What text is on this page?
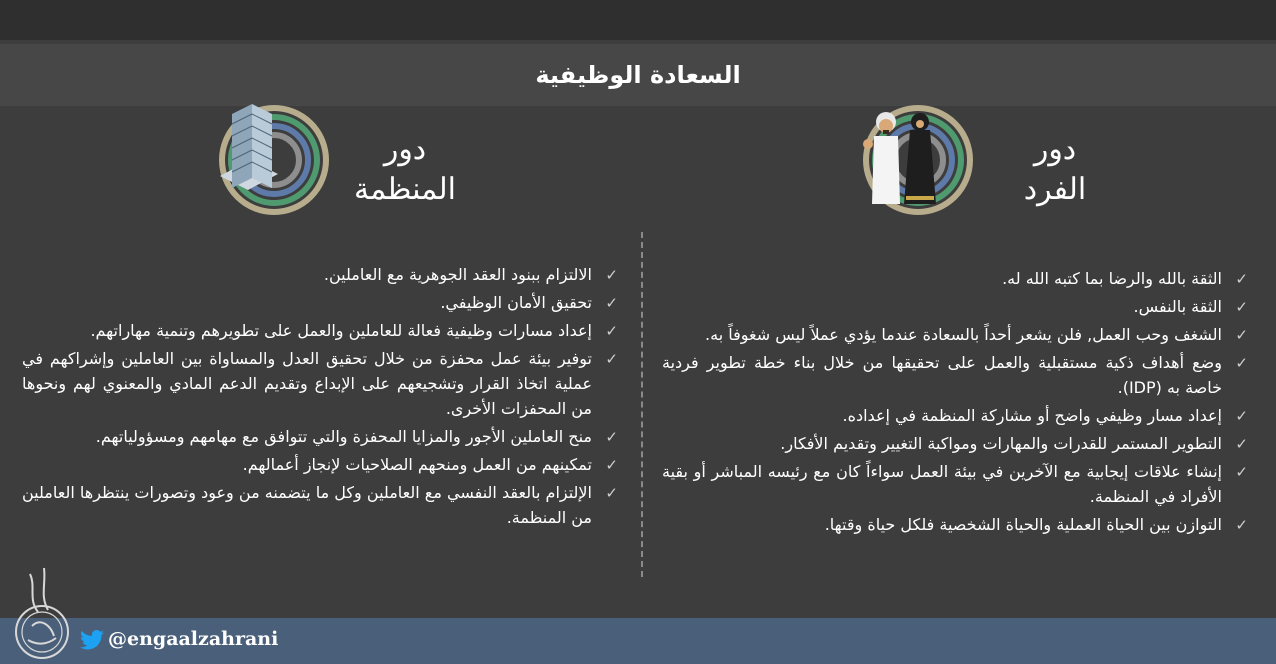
السعادة الوظيفية
دور
الفرد
دور
المنظمة
✓
الثقة بالله والرضا بما كتبه الله له.
✓
الثقة بالنفس.
✓
الشغف وحب العمل, فلن يشعر أحداً بالسعادة عندما يؤدي عملاً ليس شغوفاً به.
✓
وضع أهداف ذكية مستقبلية والعمل على تحقيقها من خلال بناء خطة تطوير فردية خاصة به (IDP).
✓
إعداد مسار وظيفي واضح أو مشاركة المنظمة في إعداده.
✓
التطوير المستمر للقدرات والمهارات ومواكبة التغيير وتقديم الأفكار.
✓
إنشاء علاقات إيجابية مع الآخرين في بيئة العمل سواءاً كان مع رئيسه المباشر أو بقية الأفراد في المنظمة.
✓
التوازن بين الحياة العملية والحياة الشخصية فلكل حياة وقتها.
✓
الالتزام ببنود العقد الجوهرية مع العاملين.
✓
تحقيق الأمان الوظيفي.
✓
إعداد مسارات وظيفية فعالة للعاملين والعمل على تطويرهم وتنمية مهاراتهم.
✓
توفير بيئة عمل محفزة من خلال تحقيق العدل والمساواة بين العاملين وإشراكهم في عملية اتخاذ القرار وتشجيعهم على الإبداع وتقديم الدعم المادي والمعنوي لهم ونحوها من المحفزات الأخرى.
✓
منح العاملين الأجور والمزايا المحفزة والتي تتوافق مع مهامهم ومسؤولياتهم.
✓
تمكينهم من العمل ومنحهم الصلاحيات لإنجاز أعمالهم.
✓
الإلتزام بالعقد النفسي مع العاملين وكل ما يتضمنه من وعود وتصورات ينتظرها العاملين من المنظمة.
@engaalzahrani
